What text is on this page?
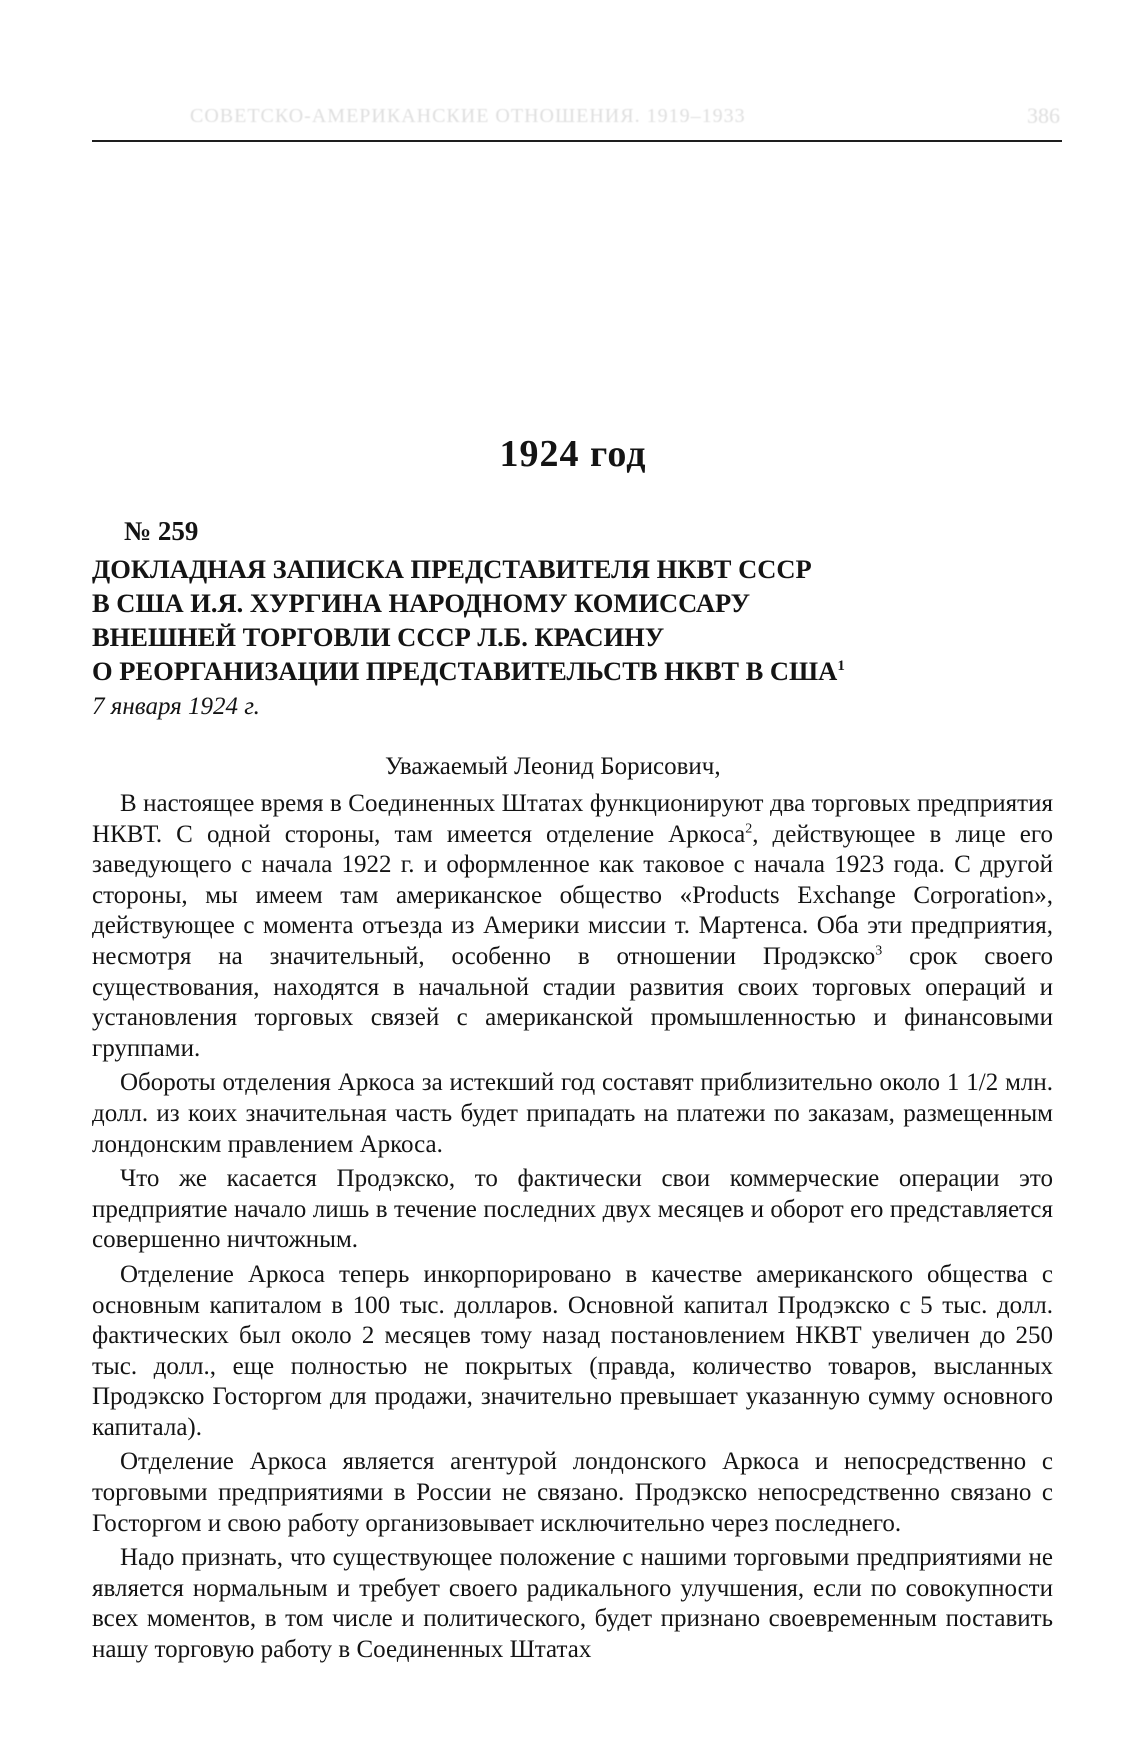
СОВЕТСКО-АМЕРИКАНСКИЕ ОТНОШЕНИЯ. 1919–1933	386
1924 год
№ 259
ДОКЛАДНАЯ ЗАПИСКА ПРЕДСТАВИТЕЛЯ НКВТ СССР
В США И.Я. ХУРГИНА НАРОДНОМУ КОМИССАРУ
ВНЕШНЕЙ ТОРГОВЛИ СССР Л.Б. КРАСИНУ
О РЕОРГАНИЗАЦИИ ПРЕДСТАВИТЕЛЬСТВ НКВТ В США$^1$
7 января 1924 г.
Уважаемый Леонид Борисович,

В настоящее время в Соединенных Штатах функционируют два торговых предприятия НКВТ. С одной стороны, там имеется отделение Аркоса$^2$, действующее в лице его заведующего с начала 1922 г. и оформленное как таковое с начала 1923 года. С другой стороны, мы имеем там американское общество «Products Exchange Corporation», действующее с момента отъезда из Америки миссии т. Мартенса. Оба эти предприятия, несмотря на значительный, особенно в отношении Продэкско$^3$ срок своего существования, находятся в начальной стадии развития своих торговых операций и установления торговых связей с американской промышленностью и финансовыми группами.

Обороты отделения Аркоса за истекший год составят приблизительно около 1 1/2 млн. долл. из коих значительная часть будет припадать на платежи по заказам, размещенным лондонским правлением Аркоса.

Что же касается Продэкско, то фактически свои коммерческие операции это предприятие начало лишь в течение последних двух месяцев и оборот его представляется совершенно ничтожным.

Отделение Аркоса теперь инкорпорировано в качестве американского общества с основным капиталом в 100 тыс. долларов. Основной капитал Продэкско с 5 тыс. долл. фактических был около 2 месяцев тому назад постановлением НКВТ увеличен до 250 тыс. долл., еще полностью не покрытых (правда, количество товаров, высланных Продэкско Госторгом для продажи, значительно превышает указанную сумму основного капитала).

Отделение Аркоса является агентурой лондонского Аркоса и непосредственно с торговыми предприятиями в России не связано. Продэкско непосредственно связано с Госторгом и свою работу организовывает исключительно через последнего.

Надо признать, что существующее положение с нашими торговыми предприятиями не является нормальным и требует своего радикального улучшения, если по совокупности всех моментов, в том числе и политического, будет признано своевременным поставить нашу торговую работу в Соединенных Штатах
